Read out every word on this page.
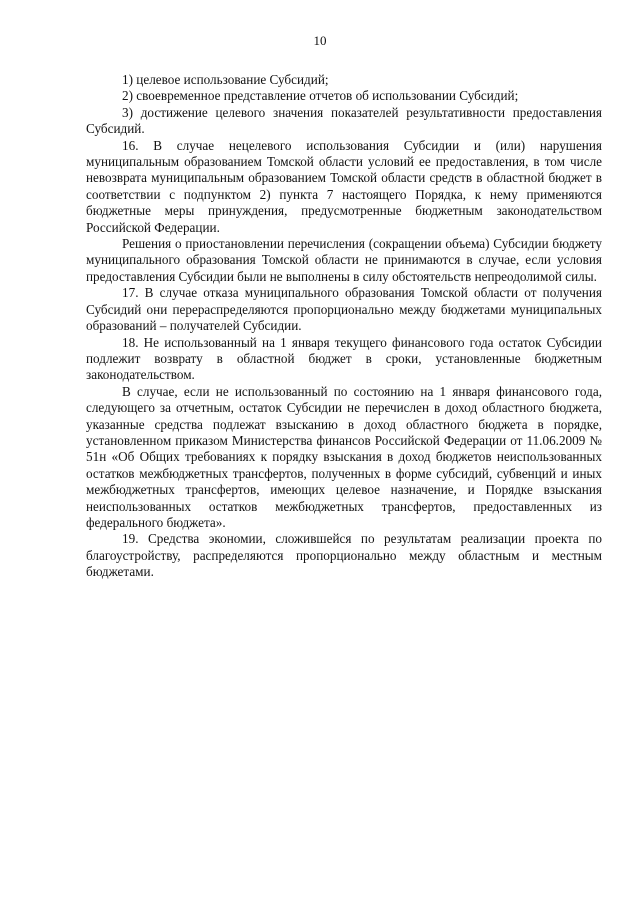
10

1) целевое использование Субсидий;

2) своевременное представление отчетов об использовании Субсидий;

3) достижение целевого значения показателей результативности предоставления Субсидий.

16. В случае нецелевого использования Субсидии и (или) нарушения муниципальным образованием Томской области условий ее предоставления, в том числе невозврата муниципальным образованием Томской области средств в областной бюджет в соответствии с подпунктом 2) пункта 7 настоящего Порядка, к нему применяются бюджетные меры принуждения, предусмотренные бюджетным законодательством Российской Федерации.

Решения о приостановлении перечисления (сокращении объема) Субсидии бюджету муниципального образования Томской области не принимаются в случае, если условия предоставления Субсидии были не выполнены в силу обстоятельств непреодолимой силы.

17. В случае отказа муниципального образования Томской области от получения Субсидий они перераспределяются пропорционально между бюджетами муниципальных образований – получателей Субсидии.

18. Не использованный на 1 января текущего финансового года остаток Субсидии подлежит возврату в областной бюджет в сроки, установленные бюджетным законодательством.

В случае, если не использованный по состоянию на 1 января финансового года, следующего за отчетным, остаток Субсидии не перечислен в доход областного бюджета, указанные средства подлежат взысканию в доход областного бюджета в порядке, установленном приказом Министерства финансов Российской Федерации от 11.06.2009 № 51н «Об Общих требованиях к порядку взыскания в доход бюджетов неиспользованных остатков межбюджетных трансфертов, полученных в форме субсидий, субвенций и иных межбюджетных трансфертов, имеющих целевое назначение, и Порядке взыскания неиспользованных остатков межбюджетных трансфертов, предоставленных из федерального бюджета».

19. Средства экономии, сложившейся по результатам реализации проекта по благоустройству, распределяются пропорционально между областным и местным бюджетами.
